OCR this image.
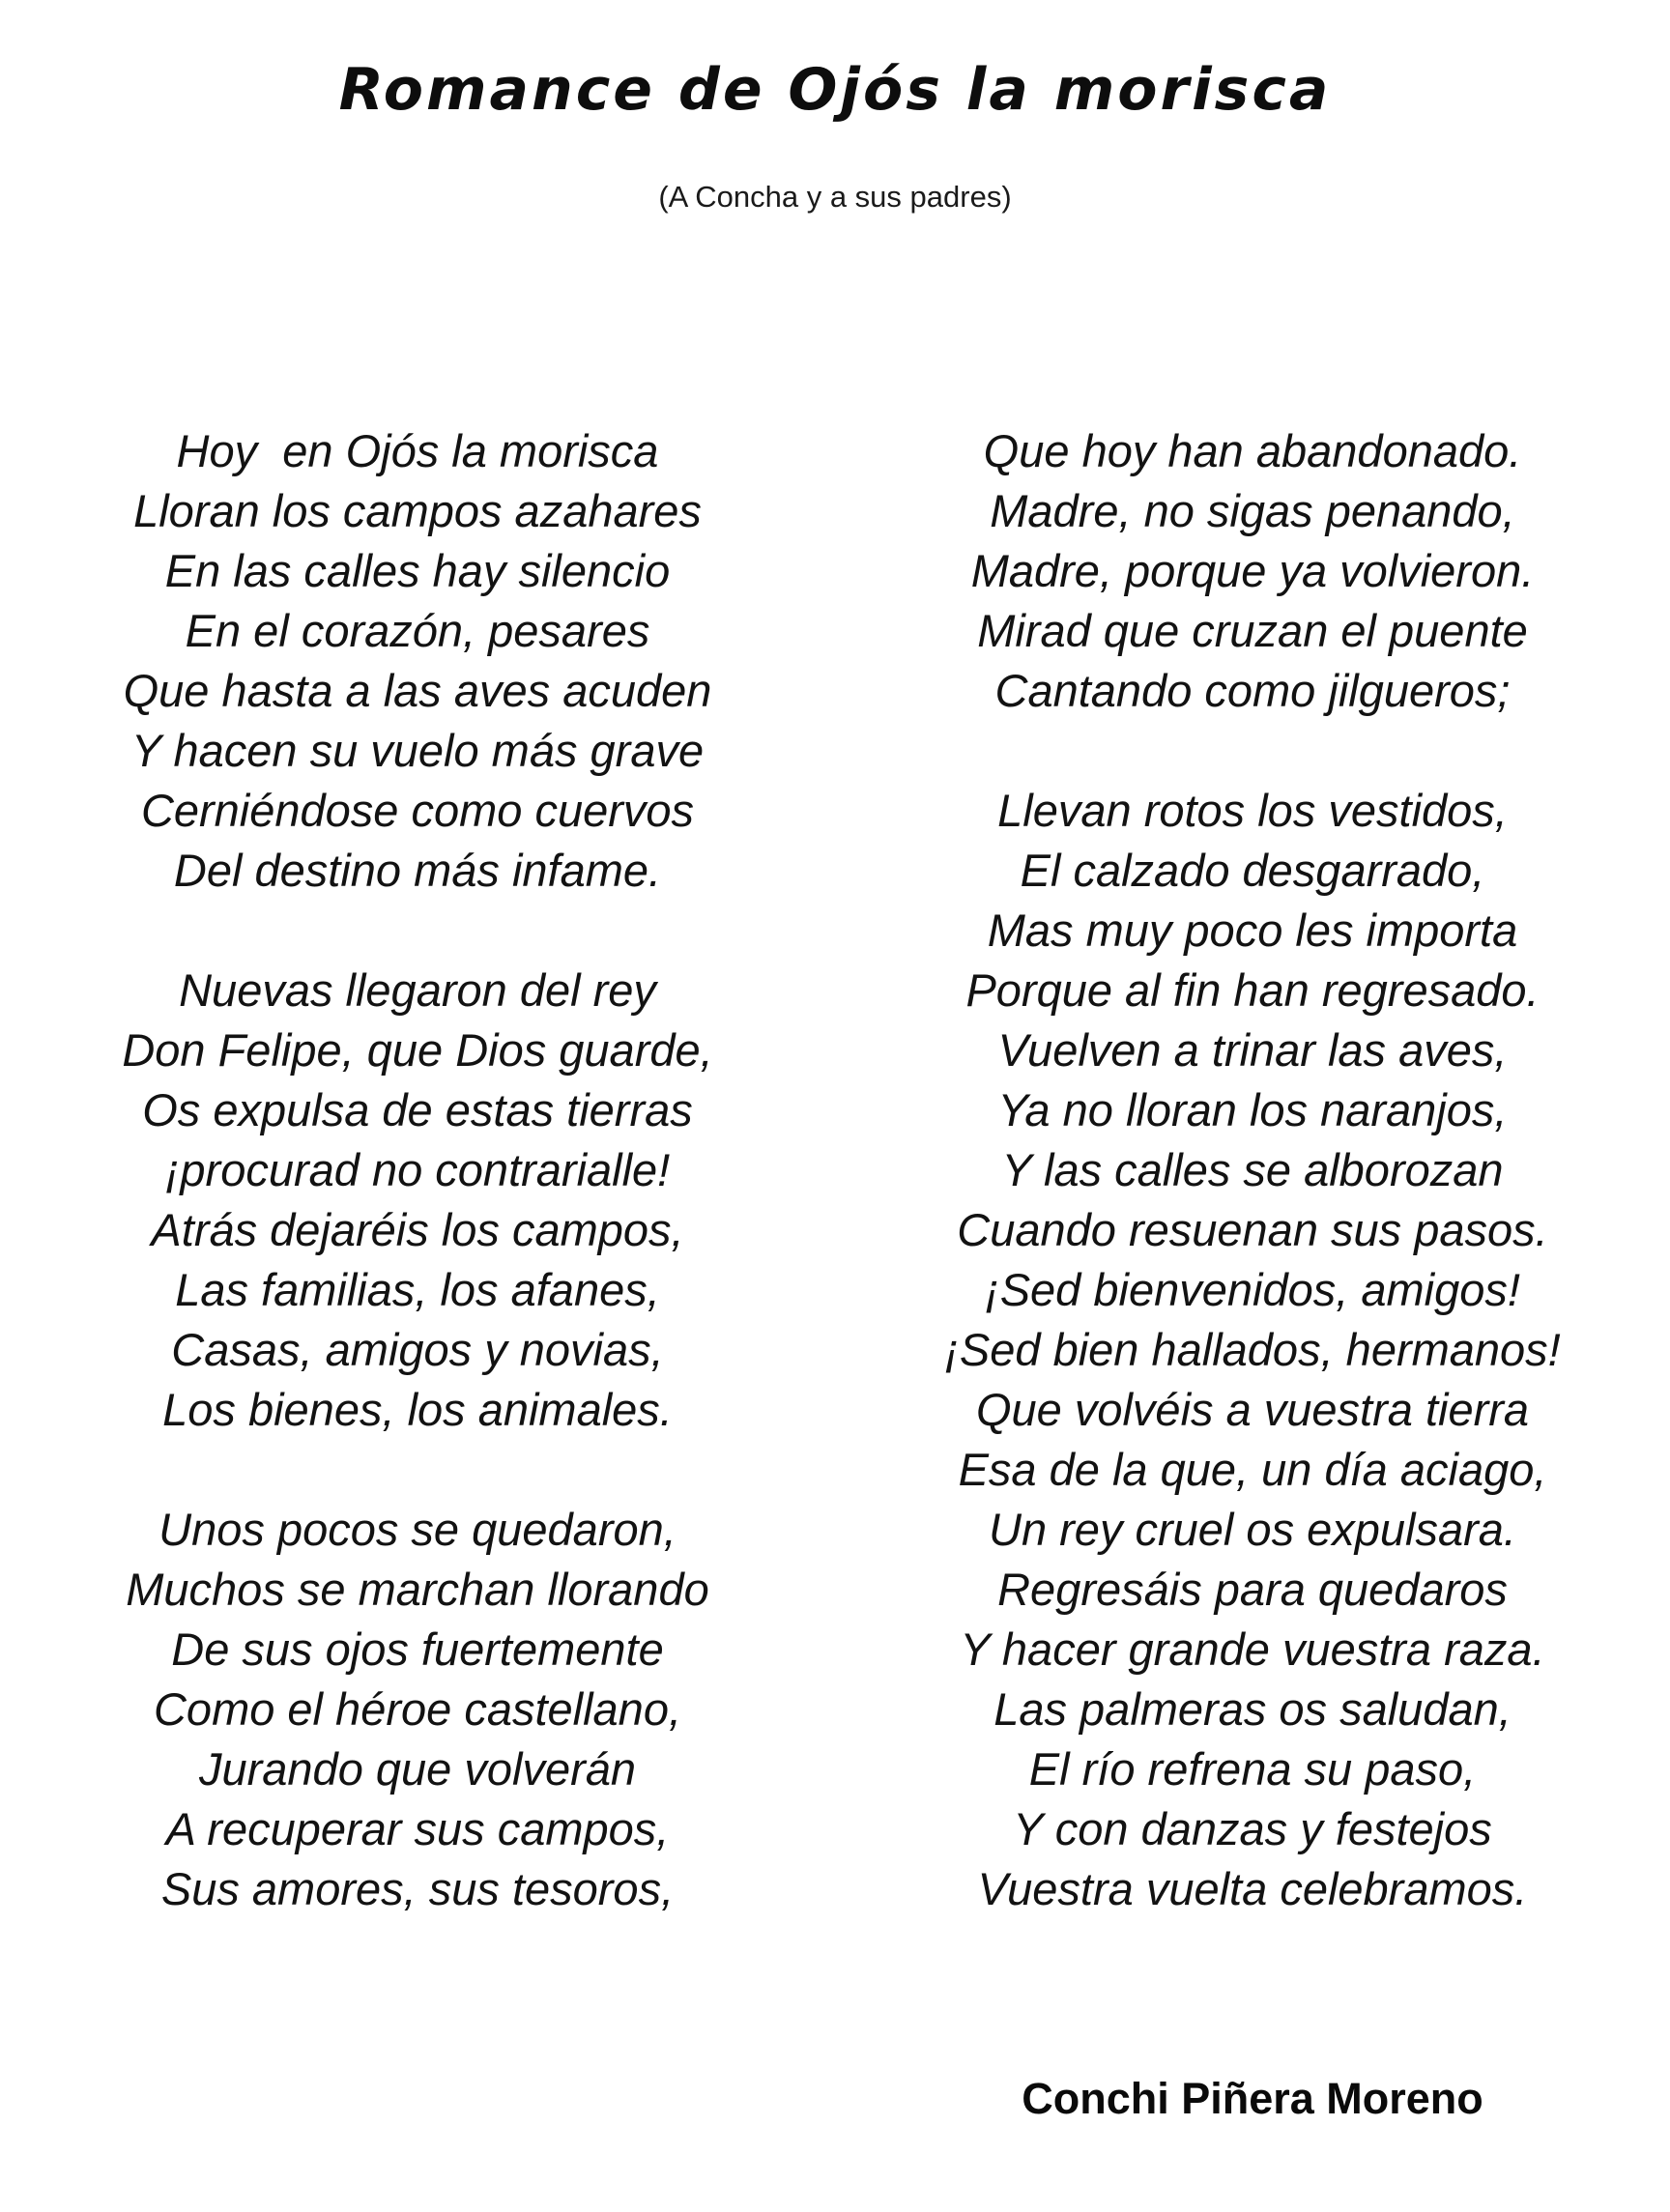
Romance de Ojós la morisca
(A Concha y a sus padres)
Hoy  en Ojós la morisca
Lloran los campos azahares
En las calles hay silencio
En el corazón, pesares
Que hasta a las aves acuden
Y hacen su vuelo más grave
Cerniéndose como cuervos
Del destino más infame.
Nuevas llegaron del rey
Don Felipe, que Dios guarde,
Os expulsa de estas tierras
¡procurad no contrarialle!
Atrás dejaréis los campos,
Las familias, los afanes,
Casas, amigos y novias,
Los bienes, los animales.
Unos pocos se quedaron,
Muchos se marchan llorando
De sus ojos fuertemente
Como el héroe castellano,
Jurando que volverán
A recuperar sus campos,
Sus amores, sus tesoros,
Que hoy han abandonado.
Madre, no sigas penando,
Madre, porque ya volvieron.
Mirad que cruzan el puente
Cantando como jilgueros;
Llevan rotos los vestidos,
El calzado desgarrado,
Mas muy poco les importa
Porque al fin han regresado.
Vuelven a trinar las aves,
Ya no lloran los naranjos,
Y las calles se alborozan
Cuando resuenan sus pasos.
¡Sed bienvenidos, amigos!
¡Sed bien hallados, hermanos!
Que volvéis a vuestra tierra
Esa de la que, un día aciago,
Un rey cruel os expulsara.
Regresáis para quedaros
Y hacer grande vuestra raza.
Las palmeras os saludan,
El río refrena su paso,
Y con danzas y festejos
Vuestra vuelta celebramos.
Conchi Piñera Moreno
